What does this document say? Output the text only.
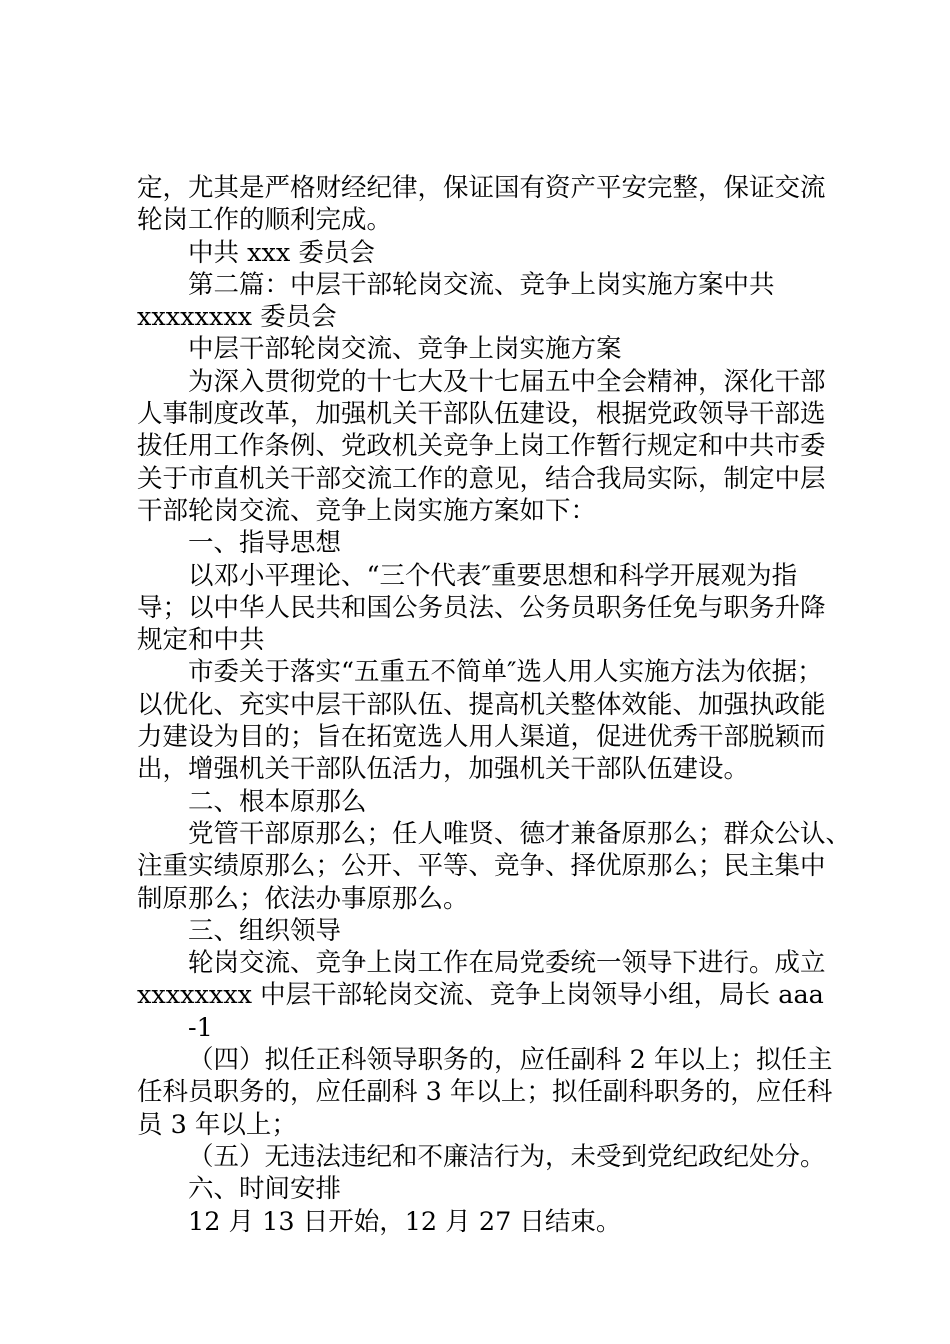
定，尤其是严格财经纪律，保证国有资产平安完整，保证交流
轮岗工作的顺利完成。
中共 xxx 委员会
第二篇：中层干部轮岗交流、竞争上岗实施方案中共
xxxxxxxx 委员会
中层干部轮岗交流、竞争上岗实施方案
为深入贯彻党的十七大及十七届五中全会精神，深化干部
人事制度改革，加强机关干部队伍建设，根据党政领导干部选
拔任用工作条例、党政机关竞争上岗工作暂行规定和中共市委
关于市直机关干部交流工作的意见，结合我局实际，制定中层
干部轮岗交流、竞争上岗实施方案如下：
一、指导思想
以邓小平理论、“三个代表″重要思想和科学开展观为指
导；以中华人民共和国公务员法、公务员职务任免与职务升降
规定和中共
市委关于落实“五重五不简单″选人用人实施方法为依据；
以优化、充实中层干部队伍、提高机关整体效能、加强执政能
力建设为目的；旨在拓宽选人用人渠道，促进优秀干部脱颖而
出，增强机关干部队伍活力，加强机关干部队伍建设。
二、根本原那么
党管干部原那么；任人唯贤、德才兼备原那么；群众公认、
注重实绩原那么；公开、平等、竞争、择优原那么；民主集中
制原那么；依法办事原那么。
三、组织领导
轮岗交流、竞争上岗工作在局党委统一领导下进行。成立
xxxxxxxx 中层干部轮岗交流、竞争上岗领导小组，局长 aaa
-1
（四）拟任正科领导职务的，应任副科 2 年以上；拟任主
任科员职务的，应任副科 3 年以上；拟任副科职务的，应任科
员 3 年以上；
（五）无违法违纪和不廉洁行为，未受到党纪政纪处分。
六、时间安排
12 月 13 日开始，12 月 27 日结束。
